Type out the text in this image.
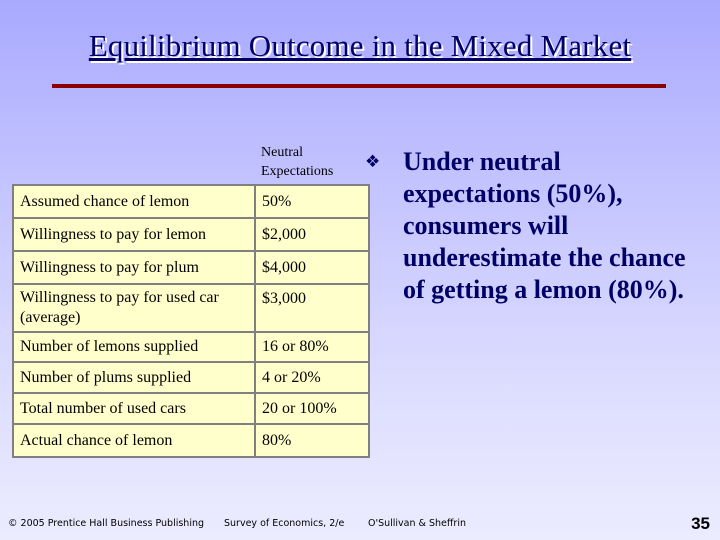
Equilibrium Outcome in the Mixed Market
	Neutral Expectations
Assumed chance of lemon	50%
Willingness to pay for lemon	$2,000
Willingness to pay for plum	$4,000
Willingness to pay for used car (average)	$3,000
Number of lemons supplied	16 or 80%
Number of plums supplied	4 or 20%
Total number of used cars	20 or 100%
Actual chance of lemon	80%
❖ Under neutral expectations (50%), consumers will underestimate the chance of getting a lemon (80%).
© 2005 Prentice Hall Business Publishing Survey of Economics, 2/e O'Sullivan & Sheffrin	35
